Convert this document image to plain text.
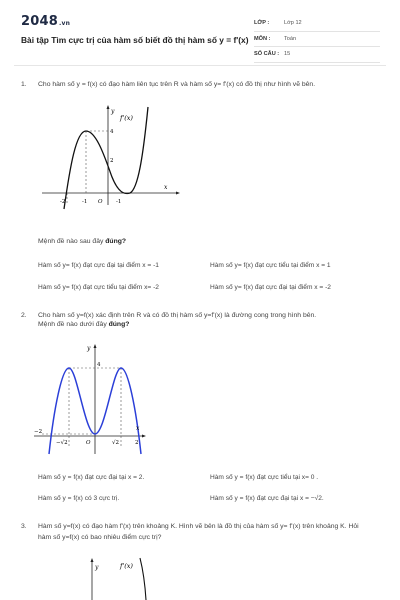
2048.vn
Bài tập Tìm cực trị của hàm số biết đồ thị hàm số y = f'(x)
LỚP :	Lớp 12
MÔN :	Toán
SỐ CÂU : 15
1. Cho hàm số y = f(x) có đạo hàm liên tục trên R và hàm số y= f'(x) có đồ thị như hình vẽ bên.
y
x
f'(x)
4
2
-2	-1 O -1
Mệnh đề nào sau đây đúng?
Hàm số y= f(x) đạt cực đại tại điểm x = -1	Hàm số y= f(x) đạt cực tiểu tại điểm x = 1
Hàm số y= f(x) đạt cực tiểu tại điểm x= -2	Hàm số y= f(x) đạt cực đại tại điểm x = -2
2. Cho hàm số y=f(x) xác định trên R và có đồ thị hàm số y=f'(x) là đường cong trong hình bên.
Mệnh đề nào dưới đây đúng?
y
x
4
−2
−√2	O	√2	2
Hàm số y = f(x) đạt cực đại tại x = 2.	Hàm số y = f(x) đạt cực tiểu tại x= 0 .
Hàm số y = f(x) có 3 cực trị.	Hàm số y = f(x) đạt cực đại tại x = −√2.
3. Hàm số y=f(x) có đạo hàm f'(x) trên khoảng K. Hình vẽ bên là đồ thị của hàm số y= f'(x) trên khoảng K. Hỏi hàm số y=f(x) có bao nhiêu điểm cực trị?
y	f'(x)
